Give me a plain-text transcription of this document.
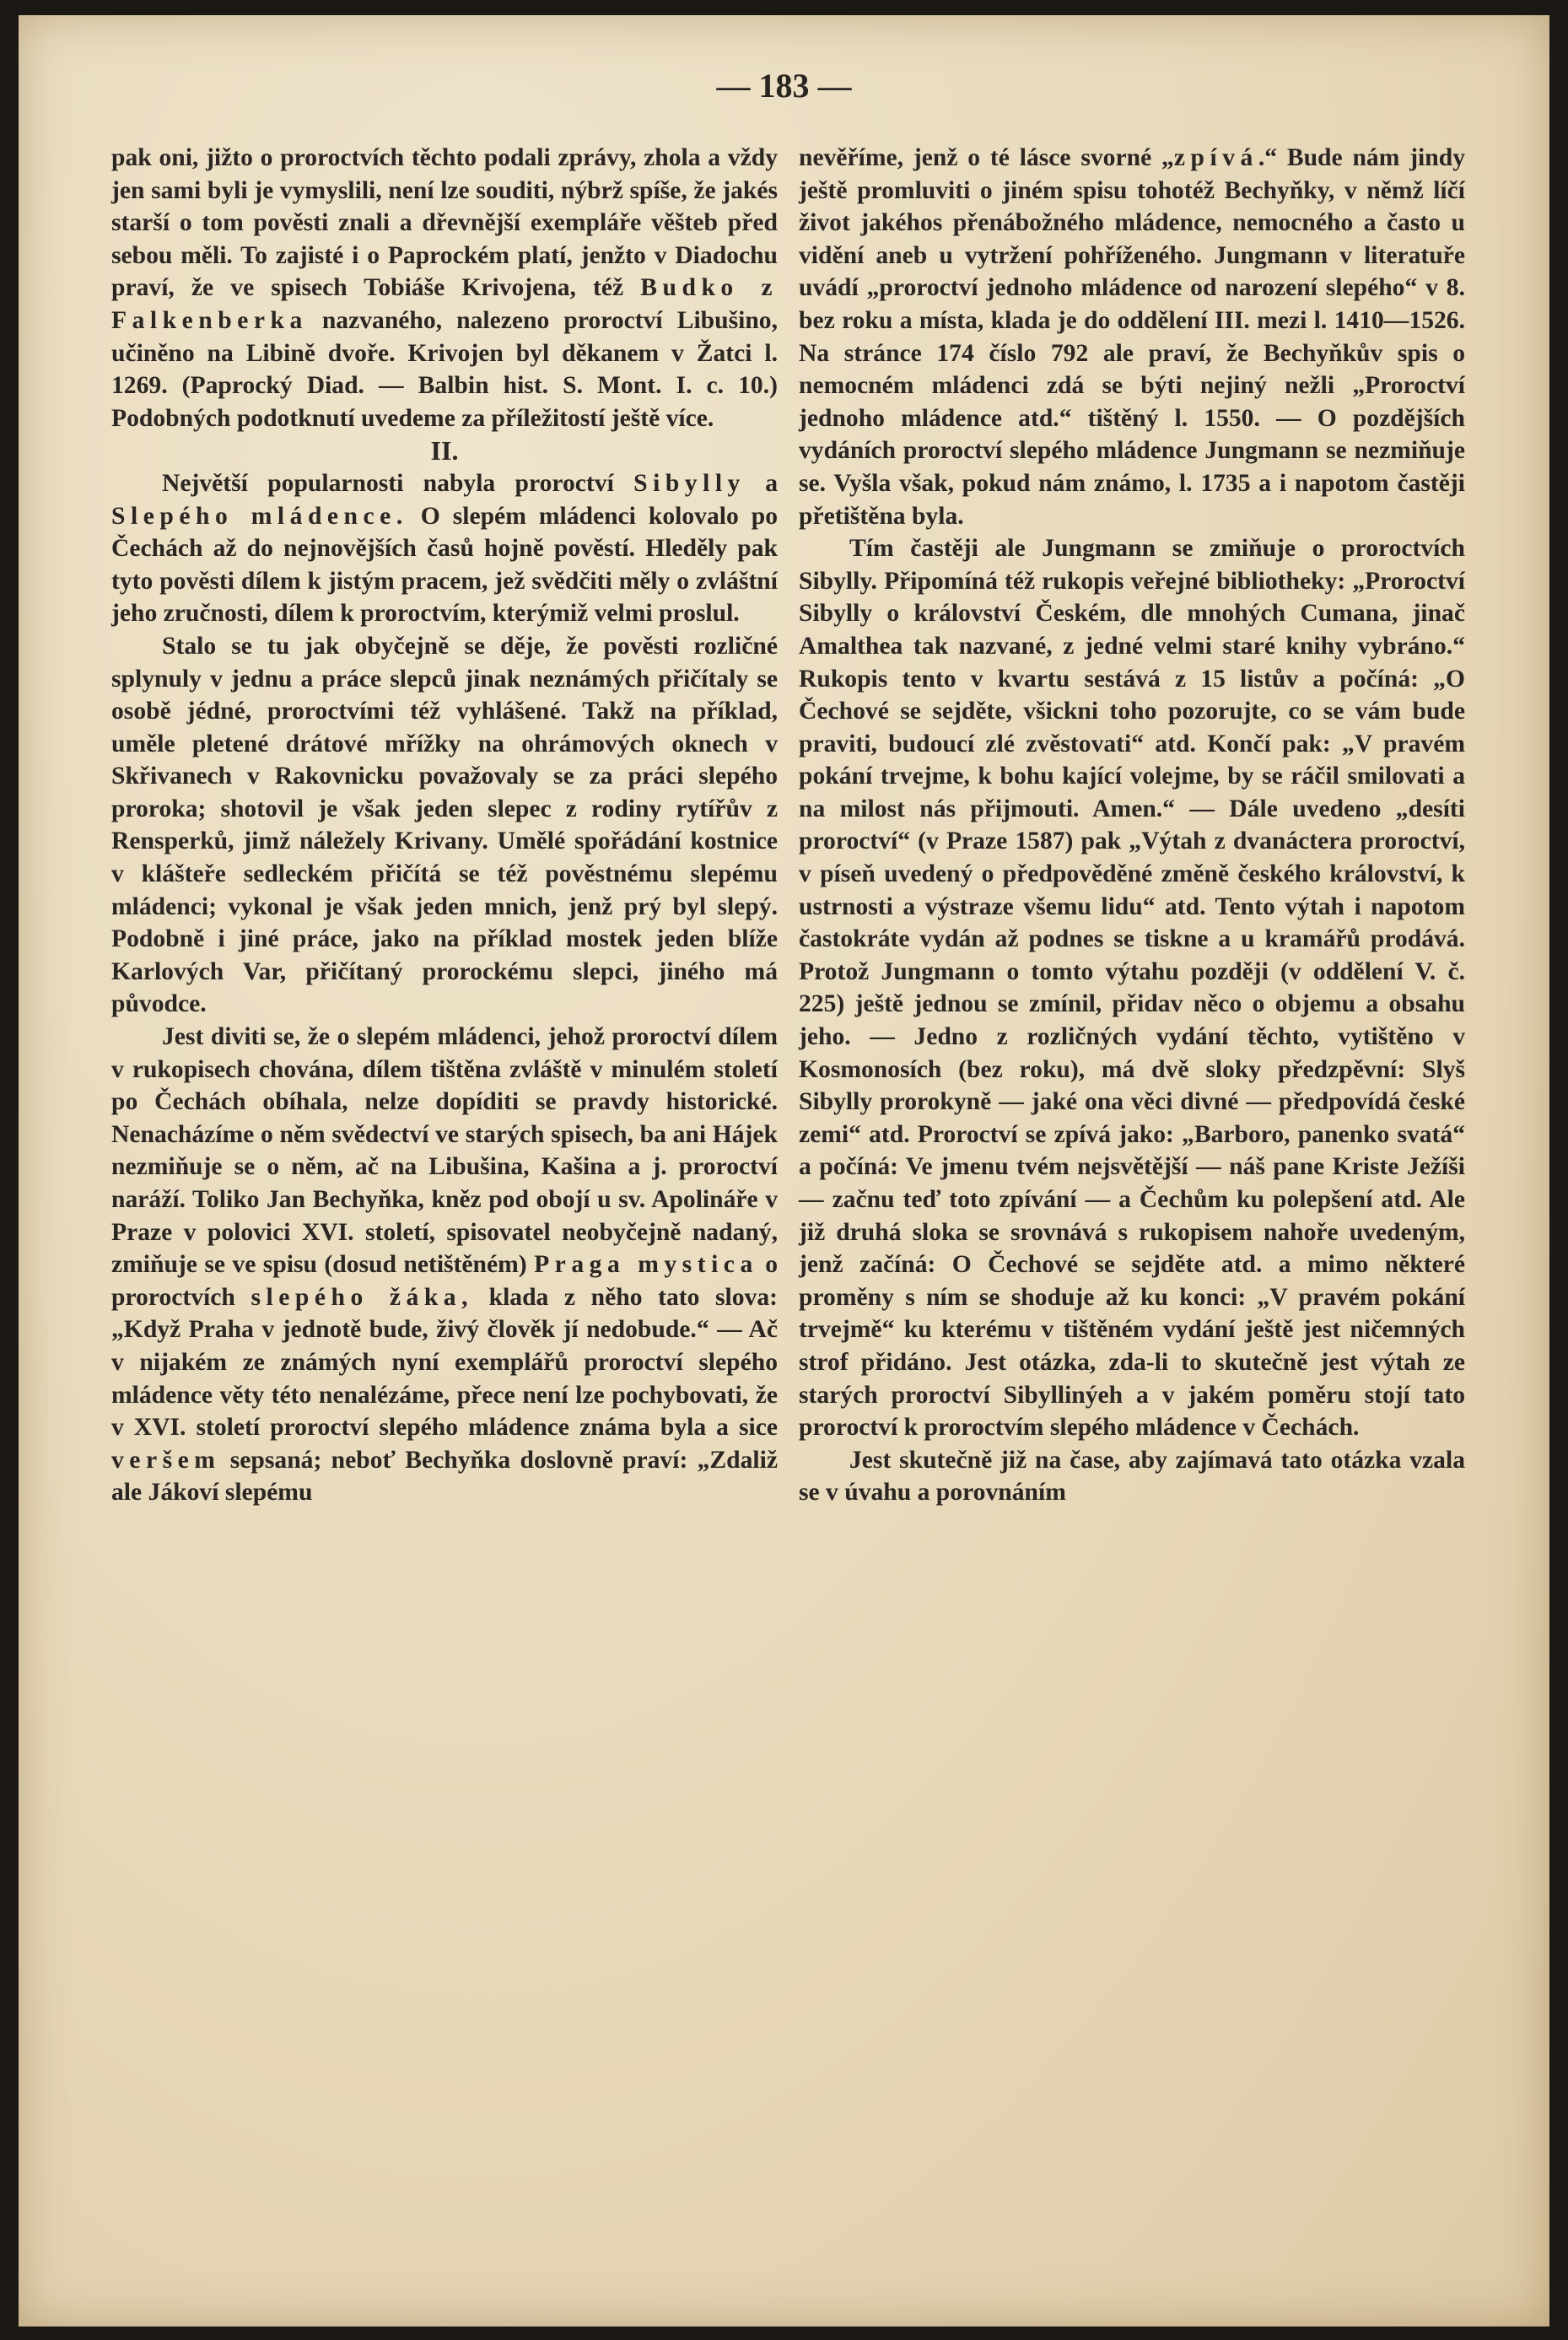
— 183 —

pak oni, jižto o proroctvích těchto podali zprávy, zhola a vždy jen sami byli je vymyslili, není lze souditi, nýbrž spíše, že jakés starší o tom pověsti znali a dřevnější exempláře věšteb před sebou měli. To zajisté i o Paprockém platí, jenžto v Diadochu praví, že ve spisech Tobiáše Krivojena, též Budko z Falkenberka nazvaného, nalezeno proroctví Libušino, učiněno na Libině dvoře. Krivojen byl děkanem v Žatci l. 1269. (Paprocký Diad. — Balbin hist. S. Mont. I. c. 10.) Podobných podotknutí uvedeme za příležitostí ještě více.

II.

Největší popularnosti nabyla proroctví Sibylly a Slepého mládence. O slepém mládenci kolovalo po Čechách až do nejnovějších časů hojně pověstí. Hleděly pak tyto pověsti dílem k jistým pracem, jež svědčiti měly o zvláštní jeho zručnosti, dílem k proroctvím, kterýmiž velmi proslul.

Stalo se tu jak obyčejně se děje, že pověsti rozličné splynuly v jednu a práce slepců jinak neznámých přičítaly se osobě jédné, proroctvími též vyhlášené. Takž na příklad, uměle pletené drátové mřížky na ohrámových oknech v Skřivanech v Rakovnicku považovaly se za práci slepého proroka; shotovil je však jeden slepec z rodiny rytířův z Rensperků, jimž náležely Krivany. Umělé spořádání kostnice v klášteře sedleckém přičítá se též pověstnému slepému mládenci; vykonal je však jeden mnich, jenž prý byl slepý. Podobně i jiné práce, jako na příklad mostek jeden blíže Karlových Var, přičítaný prorockému slepci, jiného má původce.

Jest diviti se, že o slepém mládenci, jehož proroctví dílem v rukopisech chována, dílem tištěna zvláště v minulém století po Čechách obíhala, nelze dopíditi se pravdy historické. Nenacházíme o něm svědectví ve starých spisech, ba ani Hájek nezmiňuje se o něm, ač na Libušina, Kašina a j. proroctví naráží. Toliko Jan Bechyňka, kněz pod obojí u sv. Apolináře v Praze v polovici XVI. století, spisovatel neobyčejně nadaný, zmiňuje se ve spisu (dosud netištěném) Praga mystica o proroctvích slepého žáka, klada z něho tato slova: „Když Praha v jednotě bude, živý člověk jí nedobude.“ — Ač v nijakém ze známých nyní exemplářů proroctví slepého mládence věty této nenalézáme, přece není lze pochybovati, že v XVI. století proroctví slepého mládence známa byla a sice veršem sepsaná; neboť Bechyňka doslovně praví: „Zdaliž ale Jákoví slepému

nevěříme, jenž o té lásce svorné „zpívá.“ Bude nám jindy ještě promluviti o jiném spisu tohotéž Bechyňky, v němž líčí život jakéhos přenábožného mládence, nemocného a často u vidění aneb u vytržení pohříženého. Jungmann v literatuře uvádí „proroctví jednoho mládence od narození slepého“ v 8. bez roku a místa, klada je do oddělení III. mezi l. 1410—1526. Na stránce 174 číslo 792 ale praví, že Bechyňkův spis o nemocném mládenci zdá se býti nejiný nežli „Proroctví jednoho mládence atd.“ tištěný l. 1550. — O pozdějších vydáních proroctví slepého mládence Jungmann se nezmiňuje se. Vyšla však, pokud nám známo, l. 1735 a i napotom častěji přetištěna byla.

Tím častěji ale Jungmann se zmiňuje o proroctvích Sibylly. Připomíná též rukopis veřejné bibliotheky: „Proroctví Sibylly o království Českém, dle mnohých Cumana, jinač Amalthea tak nazvané, z jedné velmi staré knihy vybráno.“ Rukopis tento v kvartu sestává z 15 listův a počíná: „O Čechové se sejděte, všickni toho pozorujte, co se vám bude praviti, budoucí zlé zvěstovati“ atd. Končí pak: „V pravém pokání trvejme, k bohu kající volejme, by se ráčil smilovati a na milost nás přijmouti. Amen.“ — Dále uvedeno „desíti proroctví“ (v Praze 1587) pak „Výtah z dvanáctera proroctví, v píseň uvedený o předpověděné změně českého království, k ustrnosti a výstraze všemu lidu“ atd. Tento výtah i napotom častokráte vydán až podnes se tiskne a u kramářů prodává. Protož Jungmann o tomto výtahu později (v oddělení V. č. 225) ještě jednou se zmínil, přidav něco o objemu a obsahu jeho. — Jedno z rozličných vydání těchto, vytištěno v Kosmonosích (bez roku), má dvě sloky předzpěvní: Slyš Sibylly prorokyně — jaké ona věci divné — předpovídá české zemi“ atd. Proroctví se zpívá jako: „Barboro, panenko svatá“ a počíná: Ve jmenu tvém nejsvětější — náš pane Kriste Ježíši — začnu teď toto zpívání — a Čechům ku polepšení atd. Ale již druhá sloka se srovnává s rukopisem nahoře uvedeným, jenž začíná: O Čechové se sejděte atd. a mimo některé proměny s ním se shoduje až ku konci: „V pravém pokání trvejmě“ ku kterému v tištěném vydání ještě jest ničemných strof přidáno. Jest otázka, zda-li to skutečně jest výtah ze starých proroctví Sibyllinýeh a v jakém poměru stojí tato proroctví k proroctvím slepého mládence v Čechách.

Jest skutečně již na čase, aby zajímavá tato otázka vzala se v úvahu a porovnáním
